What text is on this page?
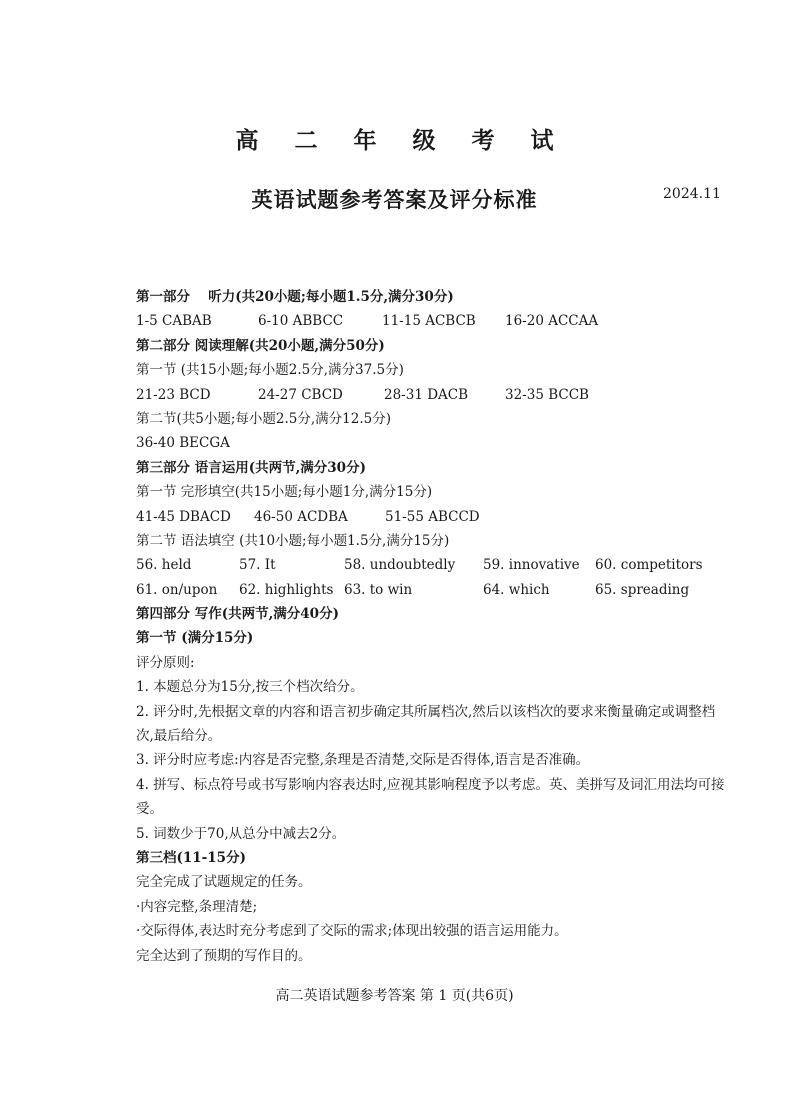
高 二 年 级 考 试
英语试题参考答案及评分标准	2024.11
第一部分　 听力(共20小题;每小题1.5分,满分30分)
1-5 CABAB	6-10 ABBCC	11-15 ACBCB 16-20 ACCAA
第二部分 阅读理解(共20小题,满分50分)
第一节 (共15小题;每小题2.5分,满分37.5分)
21-23 BCD	24-27 CBCD	28-31 DACB	32-35 BCCB
第二节(共5小题;每小题2.5分,满分12.5分)
36-40 BECGA
第三部分 语言运用(共两节,满分30分)
第一节 完形填空(共15小题;每小题1分,满分15分)
41-45 DBACD 46-50 ACDBA	51-55 ABCCD
第二节 语法填空 (共10小题;每小题1.5分,满分15分)
56. held	57. It	58. undoubtedly 59. innovative 60. competitors
61. on/upon 62. highlights 63. to win	64. which	65. spreading
第四部分 写作(共两节,满分40分)
第一节 (满分15分)
评分原则:
1. 本题总分为15分,按三个档次给分。
2. 评分时,先根据文章的内容和语言初步确定其所属档次,然后以该档次的要求来衡量确定或调整档次,最后给分。
3. 评分时应考虑:内容是否完整,条理是否清楚,交际是否得体,语言是否准确。
4. 拼写、标点符号或书写影响内容表达时,应视其影响程度予以考虑。英、美拼写及词汇用法均可接受。
5. 词数少于70,从总分中减去2分。
第三档(11-15分)
完全完成了试题规定的任务。
·内容完整,条理清楚;
·交际得体,表达时充分考虑到了交际的需求;体现出较强的语言运用能力。
完全达到了预期的写作目的。
高二英语试题参考答案 第 1 页(共6页)
